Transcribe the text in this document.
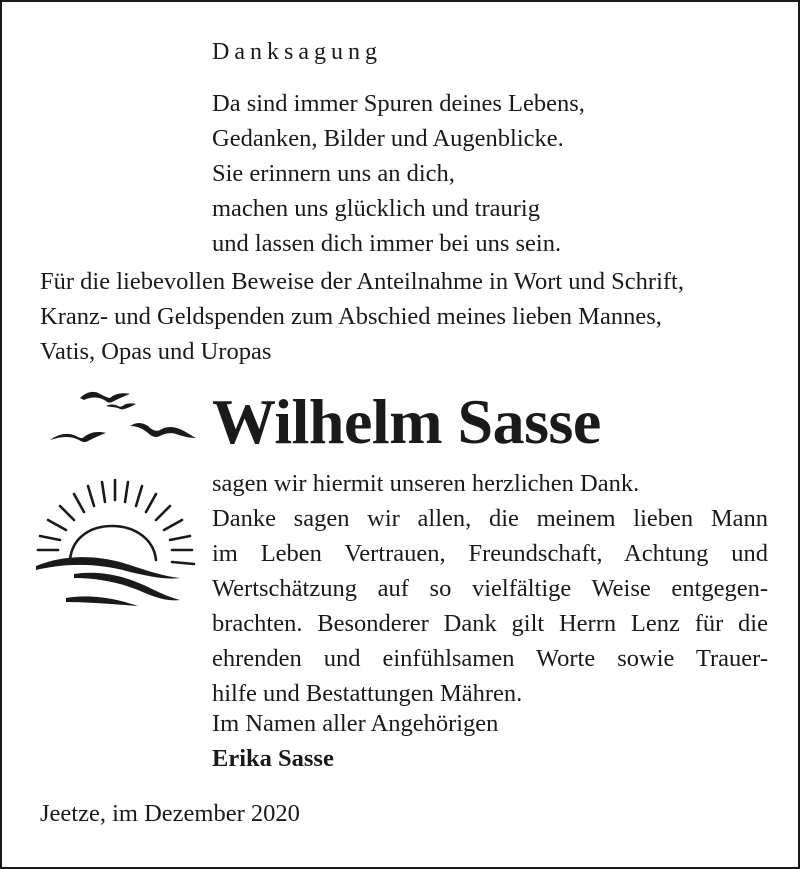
Danksagung
Da sind immer Spuren deines Lebens,
Gedanken, Bilder und Augenblicke.
Sie erinnern uns an dich,
machen uns glücklich und traurig
und lassen dich immer bei uns sein.
Für die liebevollen Beweise der Anteilnahme in Wort und Schrift,
Kranz- und Geldspenden zum Abschied meines lieben Mannes,
Vatis, Opas und Uropas
Wilhelm Sasse
sagen wir hiermit unseren herzlichen Dank.
Danke sagen wir allen, die meinem lieben Mann
im Leben Vertrauen, Freundschaft, Achtung und
Wertschätzung auf so vielfältige Weise entgegen-
brachten. Besonderer Dank gilt Herrn Lenz für die
ehrenden und einfühlsamen Worte sowie Trauer-
hilfe und Bestattungen Mähren.
Im Namen aller Angehörigen
Erika Sasse
Jeetze, im Dezember 2020
